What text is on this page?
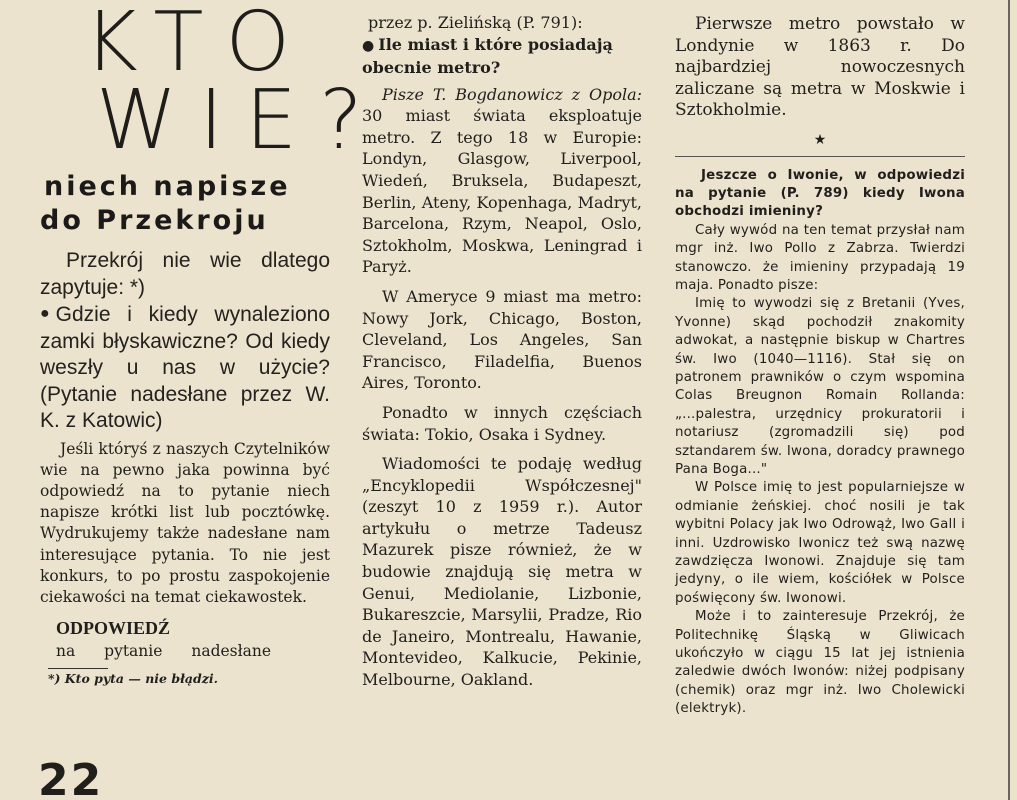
KTO
WIE?
niech napisze
do Przekroju

Przekrój nie wie dlatego zapytuje: *)

● Gdzie i kiedy wynaleziono zamki błyskawiczne? Od kiedy weszły u nas w użycie? (Pytanie nadesłane przez W. K. z Katowic)

Jeśli któryś z naszych Czytelników wie na pewno jaka powinna być odpowiedź na to pytanie niech napisze krótki list lub pocztówkę. Wydrukujemy także nadesłane nam interesujące pytania. To nie jest konkurs, to po prostu zaspokojenie ciekawości na temat ciekawostek.

ODPOWIEDŹ
na pytanie nadesłane

*) Kto pyta — nie błądzi.

22

przez p. Zielińską (P. 791):

● Ile miast i które posiadają obecnie metro?

Pisze T. Bogdanowicz z Opola: 30 miast świata eksploatuje metro. Z tego 18 w Europie: Londyn, Glasgow, Liverpool, Wiedeń, Bruksela, Budapeszt, Berlin, Ateny, Kopenhaga, Madryt, Barcelona, Rzym, Neapol, Oslo, Sztokholm, Moskwa, Leningrad i Paryż.

W Ameryce 9 miast ma metro: Nowy Jork, Chicago, Boston, Cleveland, Los Angeles, San Francisco, Filadelfia, Buenos Aires, Toronto.

Ponadto w innych częściach świata: Tokio, Osaka i Sydney.

Wiadomości te podaję według „Encyklopedii Współczesnej" (zeszyt 10 z 1959 r.). Autor artykułu o metrze Tadeusz Mazurek pisze również, że w budowie znajdują się metra w Genui, Mediolanie, Lizbonie, Bukareszcie, Marsylii, Pradze, Rio de Janeiro, Montrealu, Hawanie, Montevideo, Kalkucie, Pekinie, Melbourne, Oakland.

Pierwsze metro powstało w Londynie w 1863 r. Do najbardziej nowoczesnych zaliczane są metra w Moskwie i Sztokholmie.

★

Jeszcze o Iwonie, w odpowiedzi na pytanie (P. 789) kiedy Iwona obchodzi imieniny?

Cały wywód na ten temat przysłał nam mgr inż. Iwo Pollo z Zabrza. Twierdzi stanowczo. że imieniny przypadają 19 maja. Ponadto pisze:

Imię to wywodzi się z Bretanii (Yves, Yvonne) skąd pochodził znakomity adwokat, a następnie biskup w Chartres św. Iwo (1040—1116). Stał się on patronem prawników o czym wspomina Colas Breugnon Romain Rollanda: „...palestra, urzędnicy prokuratorii i notariusz (zgromadzili się) pod sztandarem św. Iwona, doradcy prawnego Pana Boga..."

W Polsce imię to jest popularniejsze w odmianie żeńskiej. choć nosili je tak wybitni Polacy jak Iwo Odrowąż, Iwo Gall i inni. Uzdrowisko Iwonicz też swą nazwę zawdzięcza Iwonowi. Znajduje się tam jedyny, o ile wiem, kościółek w Polsce poświęcony św. Iwonowi.

Może i to zainteresuje Przekrój, że Politechnikę Śląską w Gliwicach ukończyło w ciągu 15 lat jej istnienia zaledwie dwóch Iwonów: niżej podpisany (chemik) oraz mgr inż. Iwo Cholewicki (elektryk).
